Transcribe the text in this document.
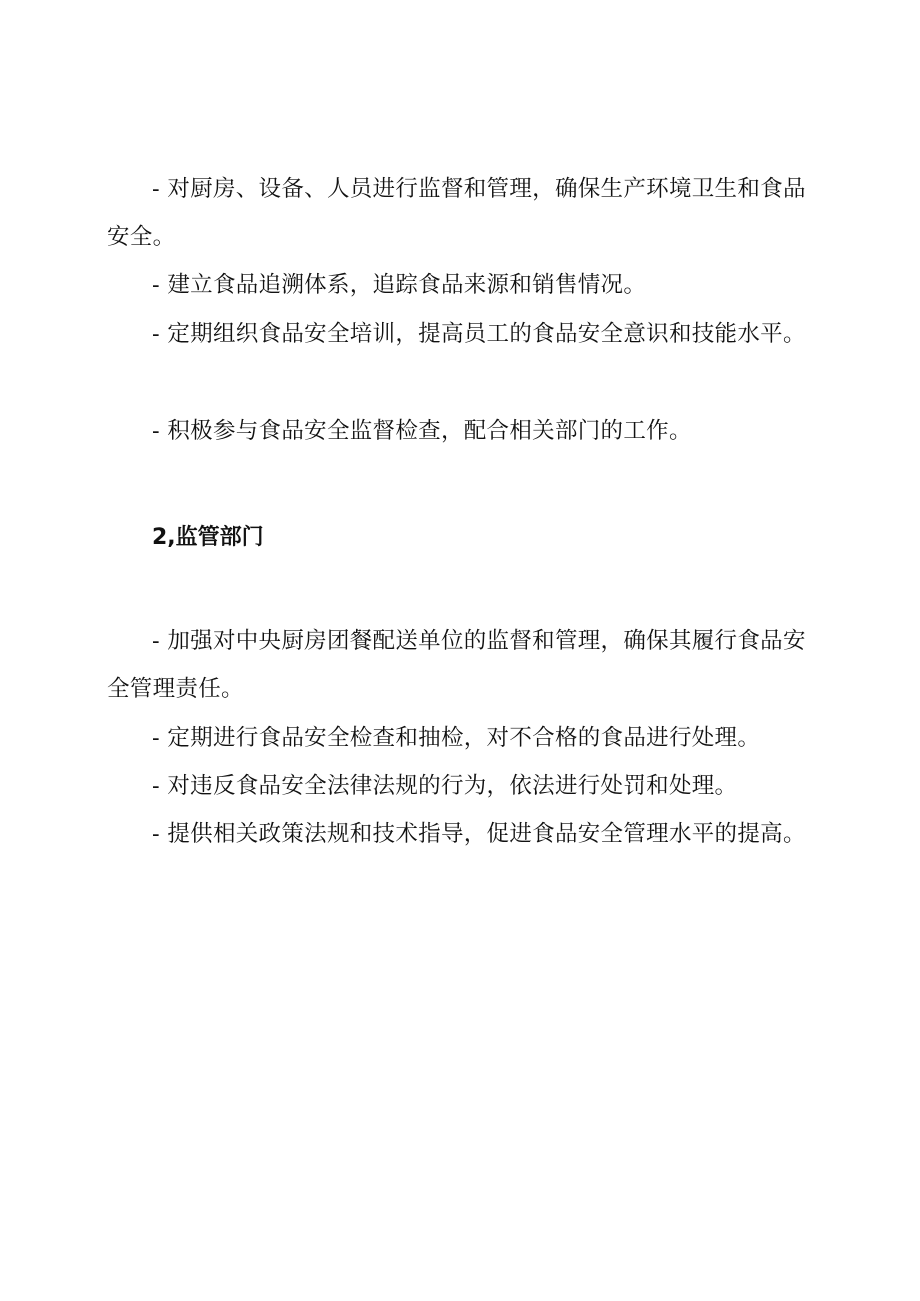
- 对厨房、设备、人员进行监督和管理，确保生产环境卫生和食品安全。

- 建立食品追溯体系，追踪食品来源和销售情况。

- 定期组织食品安全培训，提高员工的食品安全意识和技能水平。

- 积极参与食品安全监督检查，配合相关部门的工作。

2,监管部门

- 加强对中央厨房团餐配送单位的监督和管理，确保其履行食品安全管理责任。

- 定期进行食品安全检查和抽检，对不合格的食品进行处理。

- 对违反食品安全法律法规的行为，依法进行处罚和处理。

- 提供相关政策法规和技术指导，促进食品安全管理水平的提高。
